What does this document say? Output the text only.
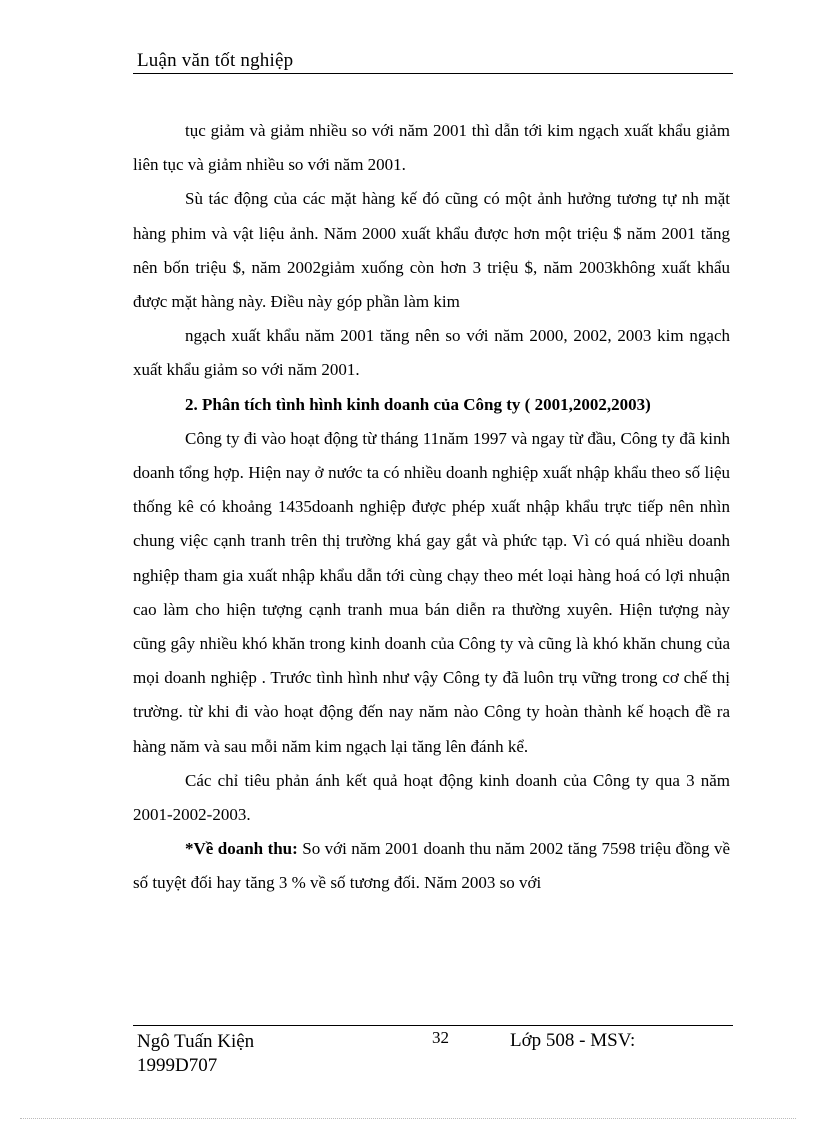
Luận văn tốt nghiệp

tục giảm và giảm nhiều so với năm 2001 thì dẫn tới kim ngạch xuất khẩu giảm liên tục và giảm nhiều so với năm 2001.

Sù tác động của các mặt hàng kế đó cũng có một ảnh hưởng tương tự nh mặt hàng phim và vật liệu ảnh. Năm 2000 xuất khẩu được hơn một triệu $ năm 2001 tăng nên bốn triệu $, năm 2002giảm xuống còn hơn 3 triệu $, năm 2003không xuất khẩu được mặt hàng này. Điều này góp phần làm kim

ngạch xuất khẩu năm 2001 tăng nên so với năm 2000, 2002, 2003 kim ngạch xuất khẩu giảm so với năm 2001.

2. Phân tích tình hình kinh doanh của Công ty ( 2001,2002,2003)

Công ty đi vào hoạt động từ tháng 11năm 1997 và ngay từ đầu, Công ty đã kinh doanh tổng hợp. Hiện nay ở nước ta có nhiều doanh nghiệp xuất nhập khẩu theo số liệu thống kê có khoảng 1435doanh nghiệp được phép xuất nhập khẩu trực tiếp nên nhìn chung việc cạnh tranh trên thị trường khá gay gắt và phức tạp. Vì có quá nhiều doanh nghiệp tham gia xuất nhập khẩu dẫn tới cùng chạy theo mét loại hàng hoá có lợi nhuận cao làm cho hiện tượng cạnh tranh mua bán diễn ra thường xuyên. Hiện tượng này cũng gây nhiều khó khăn trong kinh doanh của Công ty và cũng là khó khăn chung của mọi doanh nghiệp . Trước tình hình như vậy Công ty đã luôn trụ vững trong cơ chế thị trường. từ khi đi vào hoạt động đến nay năm nào Công ty hoàn thành kế hoạch đề ra hàng năm và sau mỗi năm kim ngạch lại tăng lên đánh kể.

Các chỉ tiêu phản ánh kết quả hoạt động kinh doanh của Công ty qua 3 năm 2001-2002-2003.

*Về doanh thu: So với năm 2001 doanh thu năm 2002 tăng 7598 triệu đồng về số tuyệt đối hay tăng 3 % về số tương đối. Năm 2003 so với

Ngô Tuấn Kiện
1999D707
32	Lớp 508 - MSV:
